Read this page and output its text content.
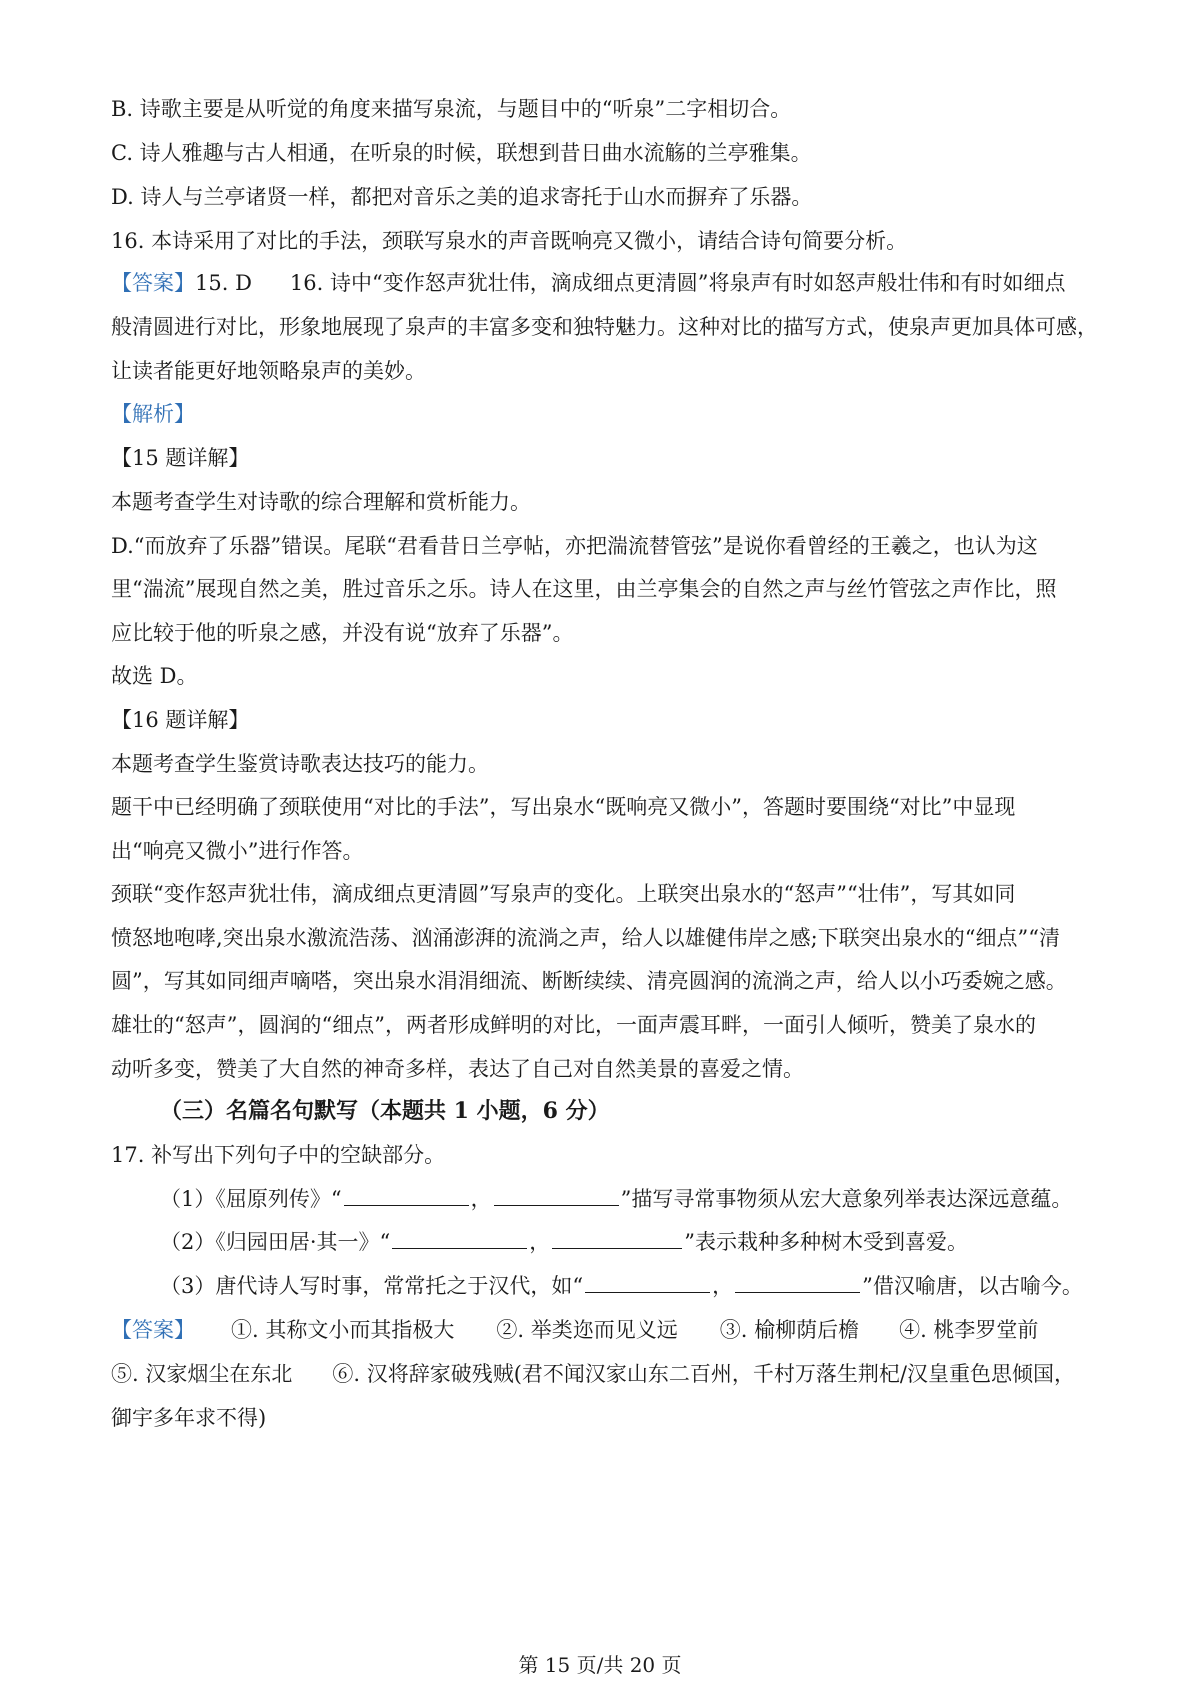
B. 诗歌主要是从听觉的角度来描写泉流，与题目中的“听泉”二字相切合。
C. 诗人雅趣与古人相通，在听泉的时候，联想到昔日曲水流觞的兰亭雅集。
D. 诗人与兰亭诸贤一样，都把对音乐之美的追求寄托于山水而摒弃了乐器。
16. 本诗采用了对比的手法，颈联写泉水的声音既响亮又微小，请结合诗句简要分析。
【答案】15. D 16. 诗中“变作怒声犹壮伟，滴成细点更清圆”将泉声有时如怒声般壮伟和有时如细点
般清圆进行对比，形象地展现了泉声的丰富多变和独特魅力。这种对比的描写方式，使泉声更加具体可感，
让读者能更好地领略泉声的美妙。
【解析】
【15 题详解】
本题考查学生对诗歌的综合理解和赏析能力。
D.“而放弃了乐器”错误。尾联“君看昔日兰亭帖，亦把湍流替管弦”是说你看曾经的王羲之，也认为这
里“湍流”展现自然之美，胜过音乐之乐。诗人在这里，由兰亭集会的自然之声与丝竹管弦之声作比，照
应比较于他的听泉之感，并没有说“放弃了乐器”。
故选 D。
【16 题详解】
本题考查学生鉴赏诗歌表达技巧的能力。
题干中已经明确了颈联使用“对比的手法”，写出泉水“既响亮又微小”，答题时要围绕“对比”中显现
出“响亮又微小”进行作答。
颈联“变作怒声犹壮伟，滴成细点更清圆”写泉声的变化。上联突出泉水的“怒声”“壮伟”，写其如同
愤怒地咆哮,突出泉水激流浩荡、汹涌澎湃的流淌之声，给人以雄健伟岸之感;下联突出泉水的“细点”“清
圆”，写其如同细声嘀嗒，突出泉水涓涓细流、断断续续、清亮圆润的流淌之声，给人以小巧委婉之感。
雄壮的“怒声”，圆润的“细点”，两者形成鲜明的对比，一面声震耳畔，一面引人倾听，赞美了泉水的
动听多变，赞美了大自然的神奇多样，表达了自己对自然美景的喜爱之情。
（三）名篇名句默写（本题共 1 小题，6 分）
17. 补写出下列句子中的空缺部分。
（1）《屈原列传》“	，	”描写寻常事物须从宏大意象列举表达深远意蕴。
（2）《归园田居·其一》“	，	”表示栽种多种树木受到喜爱。
（3）唐代诗人写时事，常常托之于汉代，如“	，	”借汉喻唐，以古喻今。
【答案】 ①. 其称文小而其指极大 ②. 举类迩而见义远 ③. 榆柳荫后檐 ④. 桃李罗堂前
⑤. 汉家烟尘在东北 ⑥. 汉将辞家破残贼(君不闻汉家山东二百州，千村万落生荆杞/汉皇重色思倾国，
御宇多年求不得)
第 15 页/共 20 页
